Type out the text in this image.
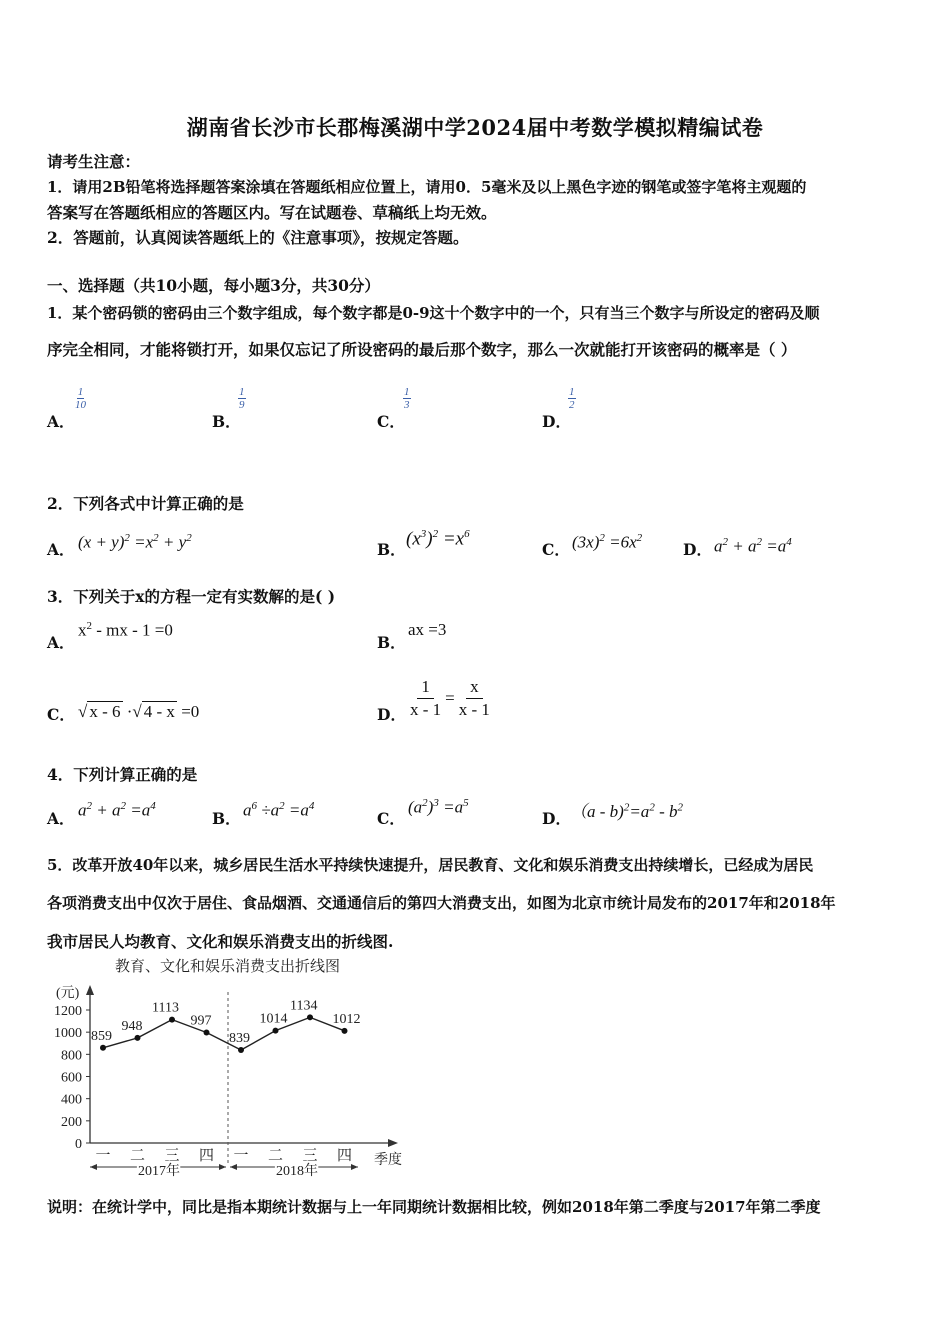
湖南省长沙市长郡梅溪湖中学2024届中考数学模拟精编试卷
请考生注意：
1．请用2B铅笔将选择题答案涂填在答题纸相应位置上，请用0．5毫米及以上黑色字迹的钢笔或签字笔将主观题的
答案写在答题纸相应的答题区内。写在试题卷、草稿纸上均无效。
2．答题前，认真阅读答题纸上的《注意事项》，按规定答题。
一、选择题（共10小题，每小题3分，共30分）
1．某个密码锁的密码由三个数字组成，每个数字都是0-9这十个数字中的一个，只有当三个数字与所设定的密码及顺
序完全相同，才能将锁打开，如果仅忘记了所设密码的最后那个数字，那么一次就能打开该密码的概率是（ ）
A．
$\frac{1}{10}$
B．
$\frac{1}{9}$
C．
$\frac{1}{3}$
D．
$\frac{1}{2}$
2．下列各式中计算正确的是
A． $(x + y)^2 =x^2 + y^2$
B．
$(x^3)^2 =x^6$
C． $(3x)^2 =6x^2$
D． $a^2 + a^2 =a^4$
3．下列关于x的方程一定有实数解的是( )
A．
$x^2$ - mx - 1 =0
B．
ax =3
C． √ x - 6 ·√ 4 - x =0	D． $\frac{1}{x - 1} = \frac{x}{x - 1}$
4．下列计算正确的是
A． $a^2 + a^2 =a^4$
B． $a^6 \div a^2 =a^4$
C．
$(a^2)^3 =a^5$
D． $(a - b)^2=a^2 - b^2$
5．改革开放40年以来，城乡居民生活水平持续快速提升，居民教育、文化和娱乐消费支出持续增长，已经成为居民
各项消费支出中仅次于居住、食品烟酒、交通通信后的第四大消费支出，如图为北京市统计局发布的2017年和2018年
我市居民人均教育、文化和娱乐消费支出的折线图.
教育、文化和娱乐消费支出折线图
(元)
0
200
400
600
800
1000
1200
一 二 三 四 一 二 三 四
859
948
1113
997
839
1014
1134
1012
2017年	2018年
季度
说明：在统计学中，同比是指本期统计数据与上一年同期统计数据相比较，例如2018年第二季度与2017年第二季度
